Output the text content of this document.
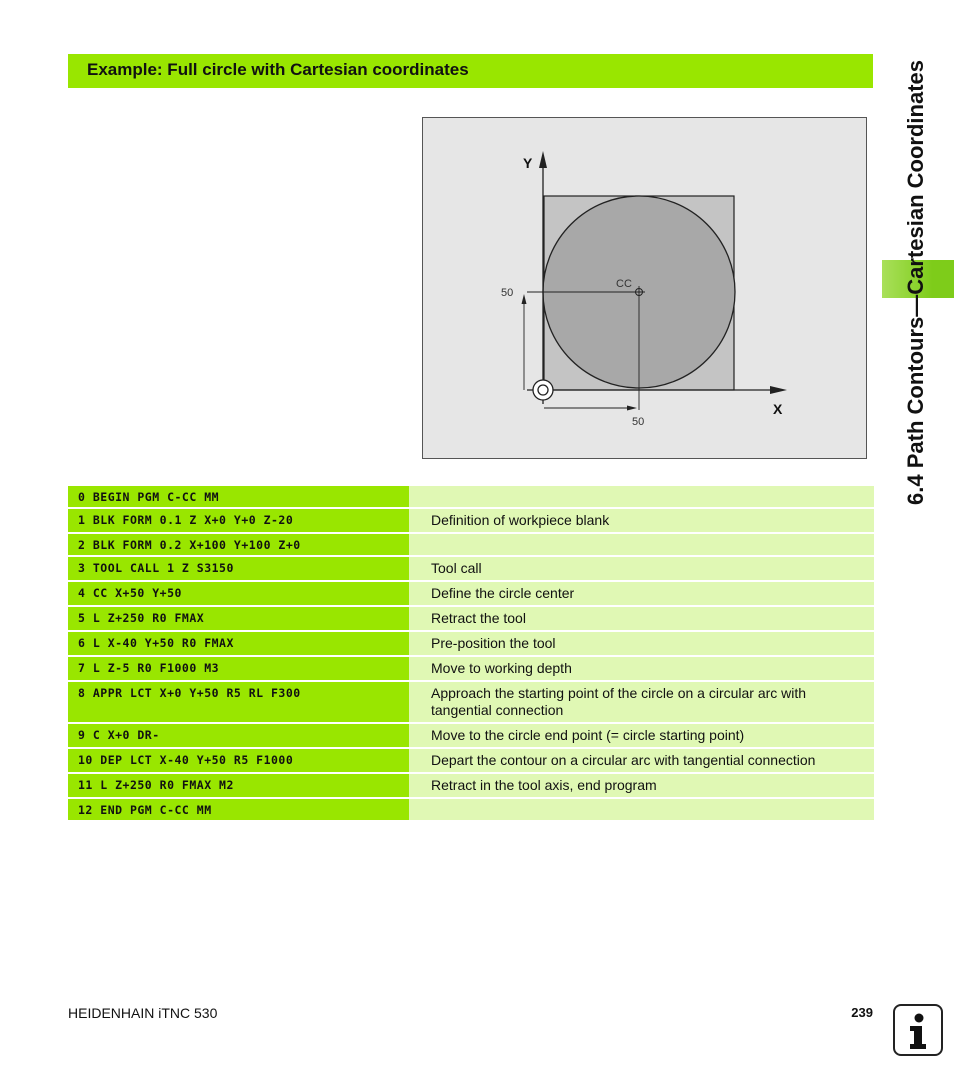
Example: Full circle with Cartesian coordinates	6.4 Path Contours—Cartesian Coordinates
Y
X
CC
50
50
0 BEGIN PGM C-CC MM
1 BLK FORM 0.1 Z X+0 Y+0 Z-20	Definition of workpiece blank
2 BLK FORM 0.2 X+100 Y+100 Z+0
3 TOOL CALL 1 Z S3150	Tool call
4 CC X+50 Y+50	Define the circle center
5 L Z+250 R0 FMAX	Retract the tool
6 L X-40 Y+50 R0 FMAX	Pre-position the tool
7 L Z-5 R0 F1000 M3	Move to working depth
8 APPR LCT X+0 Y+50 R5 RL F300	Approach the starting point of the circle on a circular arc with tangential connection
9 C X+0 DR-	Move to the circle end point (= circle starting point)
10 DEP LCT X-40 Y+50 R5 F1000	Depart the contour on a circular arc with tangential connection
11 L Z+250 R0 FMAX M2	Retract in the tool axis, end program
12 END PGM C-CC MM
HEIDENHAIN iTNC 530	239
